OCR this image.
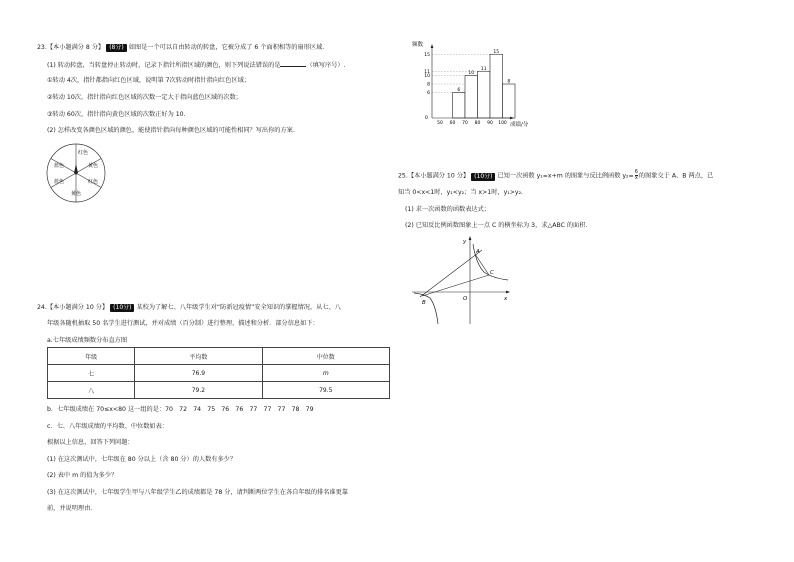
23.【本小题满分 8 分】 (8分) 如图是一个可以自由转动的转盘，它被分成了 6 个面积相等的扇形区域.
(1) 转动转盘，当转盘停止转动时，记录下指针所指区域的颜色，则下列说法错误的是	（填写序号）.
①转动 4次，指针都指向红色区域，说明第 7次转动时指针指向红色区域；
②转动 10次，指针指向红色区域的次数一定大于指向蓝色区域的次数；
③转动 60次，指针指向黄色区域的次数正好为 10.
(2) 怎样改变各颜色区域的颜色，能使指针指向每种颜色区域的可能性相同？写出你的方案.
红色
黄色
红色
黄色
蓝色
蓝色
24.【本小题满分 10 分】 (10分) 某校为了解七、八年级学生对“防新冠疫情”安全知识的掌握情况，从七、八
年级各随机抽取 50 名学生进行测试，并对成绩（百分制）进行整理、描述和分析．部分信息如下：
a.七年级成绩频数分布直方图
年级	平均数	中位数
七	76.9	m
八	79.2	79.5
b．七年级成绩在 70≤x<80 这一组的是：70　72　74　75　76　76　77　77　77　78　79
c．七、八年级成绩的平均数、中位数如表：
根据以上信息，回答下列问题：
(1) 在这次测试中，七年级在 80 分以上（含 80 分）的人数有多少？
(2) 表中 m 的值为多少？
(3) 在这次测试中，七年级学生甲与八年级学生乙的成绩都是 78 分，请判断两位学生在各自年级的排名谁更靠
前，并说明理由.
频数
成绩/分
6
10
11
15
8
6
8
10
11
15
50 60 70 80 90 100
0
25.【本小题满分 10 分】 (10分) 已知一次函数 y₁=x+m 的图象与反比例函数 $y_2= \frac{6}{x}$ 的图象交于 A、B 两点，已
知当 0<x<1时，y₁<y₂；当 x>1时，y₁>y₂.
(1) 求一次函数的函数表达式；
(2) 已知反比例函数图象上一点 C 的横坐标为 3，求△ABC 的面积.
y
x
O
A
B
C
